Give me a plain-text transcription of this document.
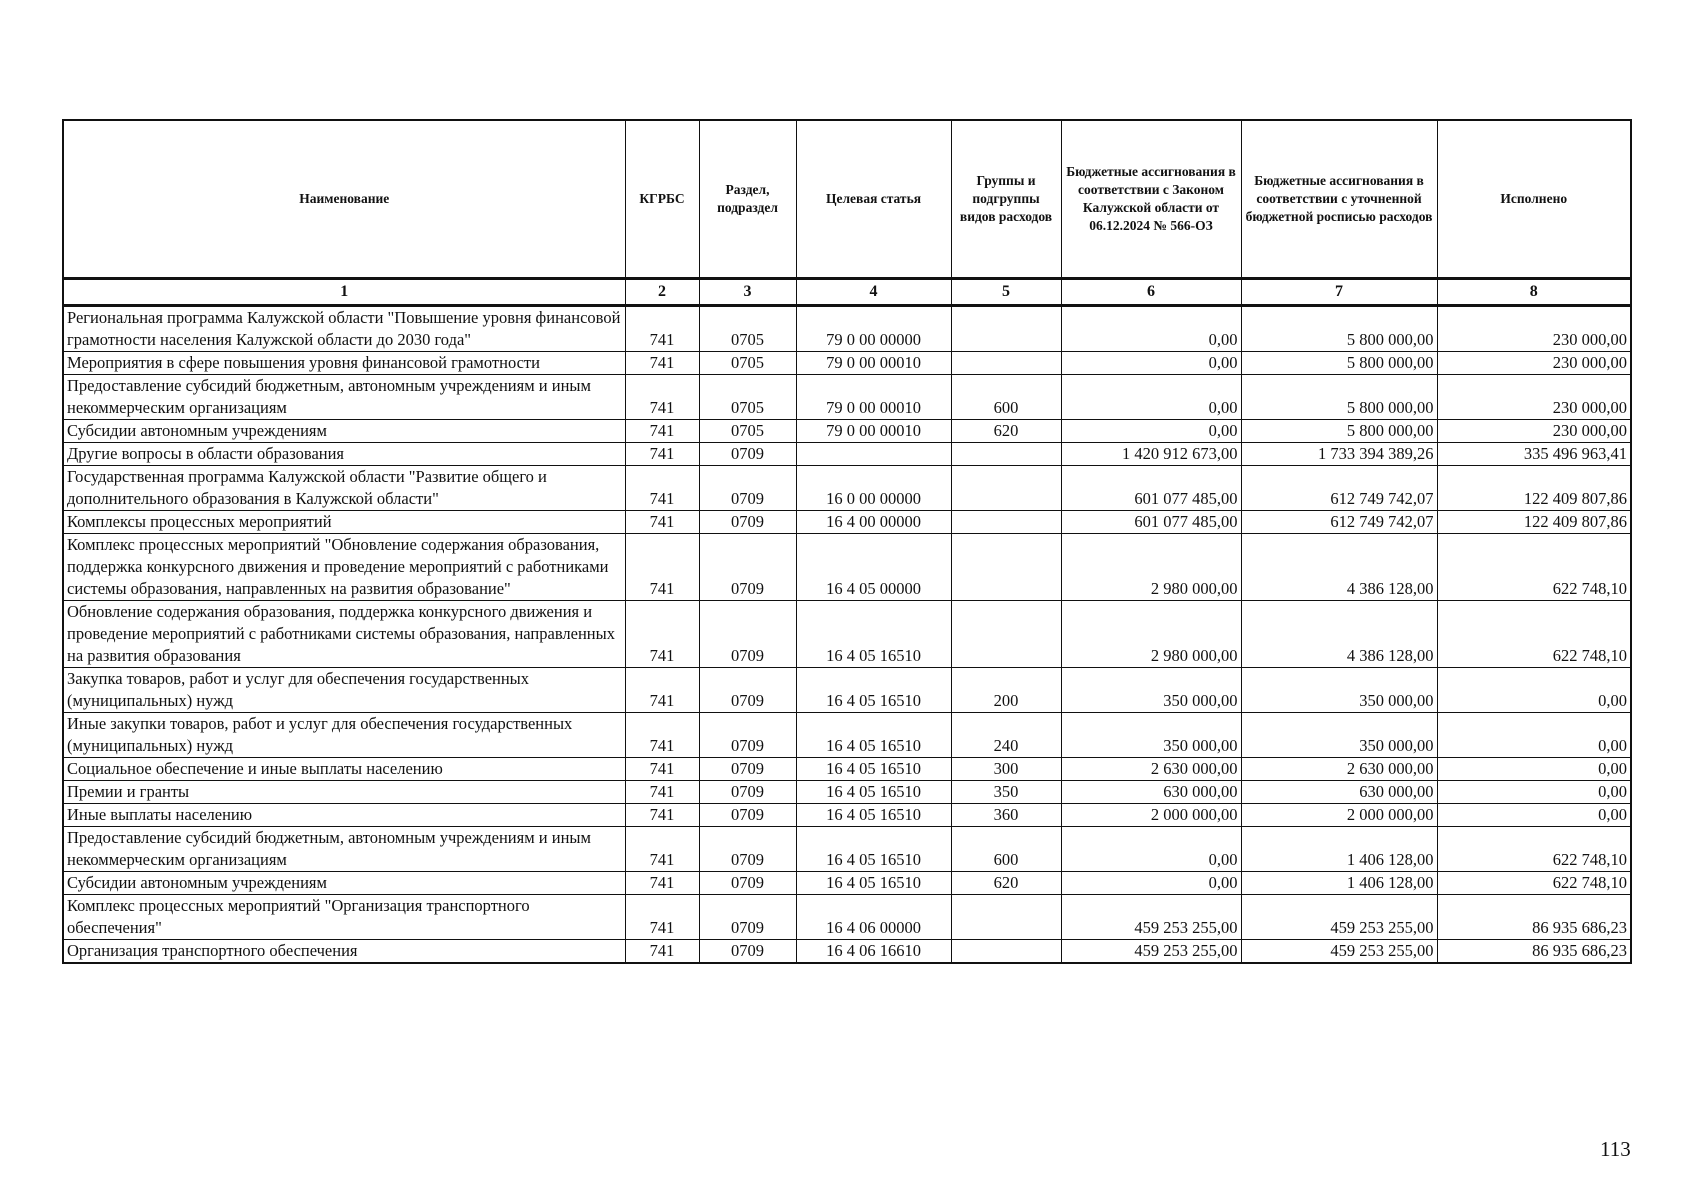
Наименование	КГРБС	Раздел, подраздел	Целевая статья	Группы и подгруппы видов расходов	Бюджетные ассигнования в соответствии с Законом Калужской области от 06.12.2024 № 566-ОЗ	Бюджетные ассигнования в соответствии с уточненной бюджетной росписью расходов	Исполнено
1	2	3	4	5	6	7	8
Региональная программа Калужской области "Повышение уровня финансовой грамотности населения Калужской области до 2030 года"	741	0705	79 0 00 00000		0,00	5 800 000,00	230 000,00
Мероприятия в сфере повышения уровня финансовой грамотности	741	0705	79 0 00 00010		0,00	5 800 000,00	230 000,00
Предоставление субсидий бюджетным, автономным учреждениям и иным некоммерческим организациям	741	0705	79 0 00 00010	600	0,00	5 800 000,00	230 000,00
Субсидии автономным учреждениям	741	0705	79 0 00 00010	620	0,00	5 800 000,00	230 000,00
Другие вопросы в области образования	741	0709			1 420 912 673,00	1 733 394 389,26	335 496 963,41
Государственная программа Калужской области "Развитие общего и дополнительного образования в Калужской области"	741	0709	16 0 00 00000		601 077 485,00	612 749 742,07	122 409 807,86
Комплексы процессных мероприятий	741	0709	16 4 00 00000		601 077 485,00	612 749 742,07	122 409 807,86
Комплекс процессных мероприятий "Обновление содержания образования, поддержка конкурсного движения и проведение мероприятий с работниками системы образования, направленных на развития образование"	741	0709	16 4 05 00000		2 980 000,00	4 386 128,00	622 748,10
Обновление содержания образования, поддержка конкурсного движения и проведение мероприятий с работниками системы образования, направленных на развития образования	741	0709	16 4 05 16510		2 980 000,00	4 386 128,00	622 748,10
Закупка товаров, работ и услуг для обеспечения государственных (муниципальных) нужд	741	0709	16 4 05 16510	200	350 000,00	350 000,00	0,00
Иные закупки товаров, работ и услуг для обеспечения государственных (муниципальных) нужд	741	0709	16 4 05 16510	240	350 000,00	350 000,00	0,00
Социальное обеспечение и иные выплаты населению	741	0709	16 4 05 16510	300	2 630 000,00	2 630 000,00	0,00
Премии и гранты	741	0709	16 4 05 16510	350	630 000,00	630 000,00	0,00
Иные выплаты населению	741	0709	16 4 05 16510	360	2 000 000,00	2 000 000,00	0,00
Предоставление субсидий бюджетным, автономным учреждениям и иным некоммерческим организациям	741	0709	16 4 05 16510	600	0,00	1 406 128,00	622 748,10
Субсидии автономным учреждениям	741	0709	16 4 05 16510	620	0,00	1 406 128,00	622 748,10
Комплекс процессных мероприятий "Организация транспортного обеспечения"	741	0709	16 4 06 00000		459 253 255,00	459 253 255,00	86 935 686,23
Организация транспортного обеспечения	741	0709	16 4 06 16610		459 253 255,00	459 253 255,00	86 935 686,23
113
